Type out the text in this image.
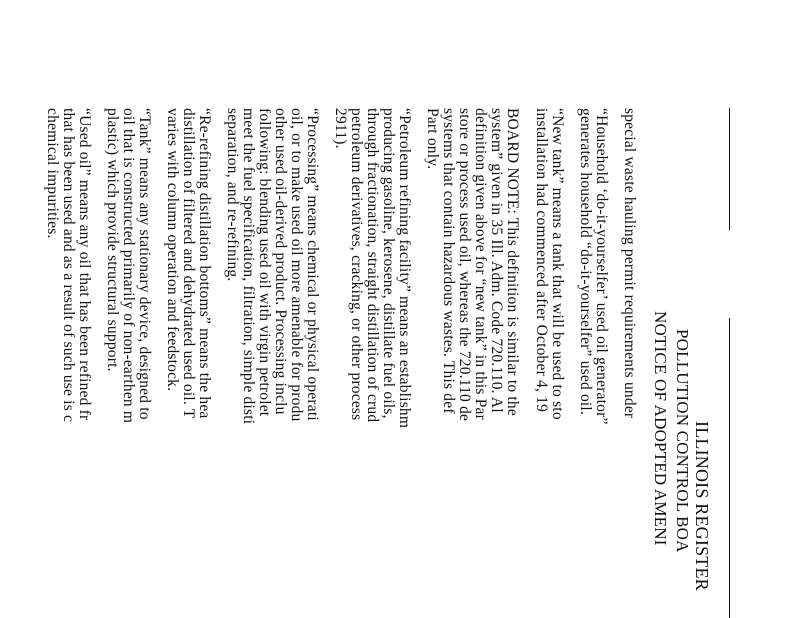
ILLINOIS REGISTER
POLLUTION CONTROL BOA
NOTICE OF ADOPTED AMENI
special waste hauling permit requirements under
“Household ‘do-it-yourselfer’ used oil generator”
generates household “do-it-yourselfer” used oil.
“New tank” means a tank that will be used to sto
installation had commenced after October 4, 19
BOARD NOTE: This definition is similar to the
system” given in 35 Ill. Adm. Code 720.110. Al
definition given above for “new tank” in this Par
store or process used oil, whereas the 720.110 de
systems that contain hazardous wastes. This def
Part only.
“Petroleum refining facility” means an establishm
producing gasoline, kerosene, distillate fuel oils,
through fractionation, straight distillation of crud
petroleum derivatives, cracking, or other process
2911).
“Processing” means chemical or physical operati
oil, or to make used oil more amenable for produ
other used oil-derived product. Processing inclu
following: blending used oil with virgin petrolet
meet the fuel specification, filtration, simple disti
separation, and re-refining.
“Re-refining distillation bottoms” means the hea
distillation of filtered and dehydrated used oil. T
varies with column operation and feedstock.
“Tank” means any stationary device, designed to
oil that is constructed primarily of non-earthen m
plastic) which provide structural support.
“Used oil” means any oil that has been refined fr
that has been used and as a result of such use is c
chemical impurities.
